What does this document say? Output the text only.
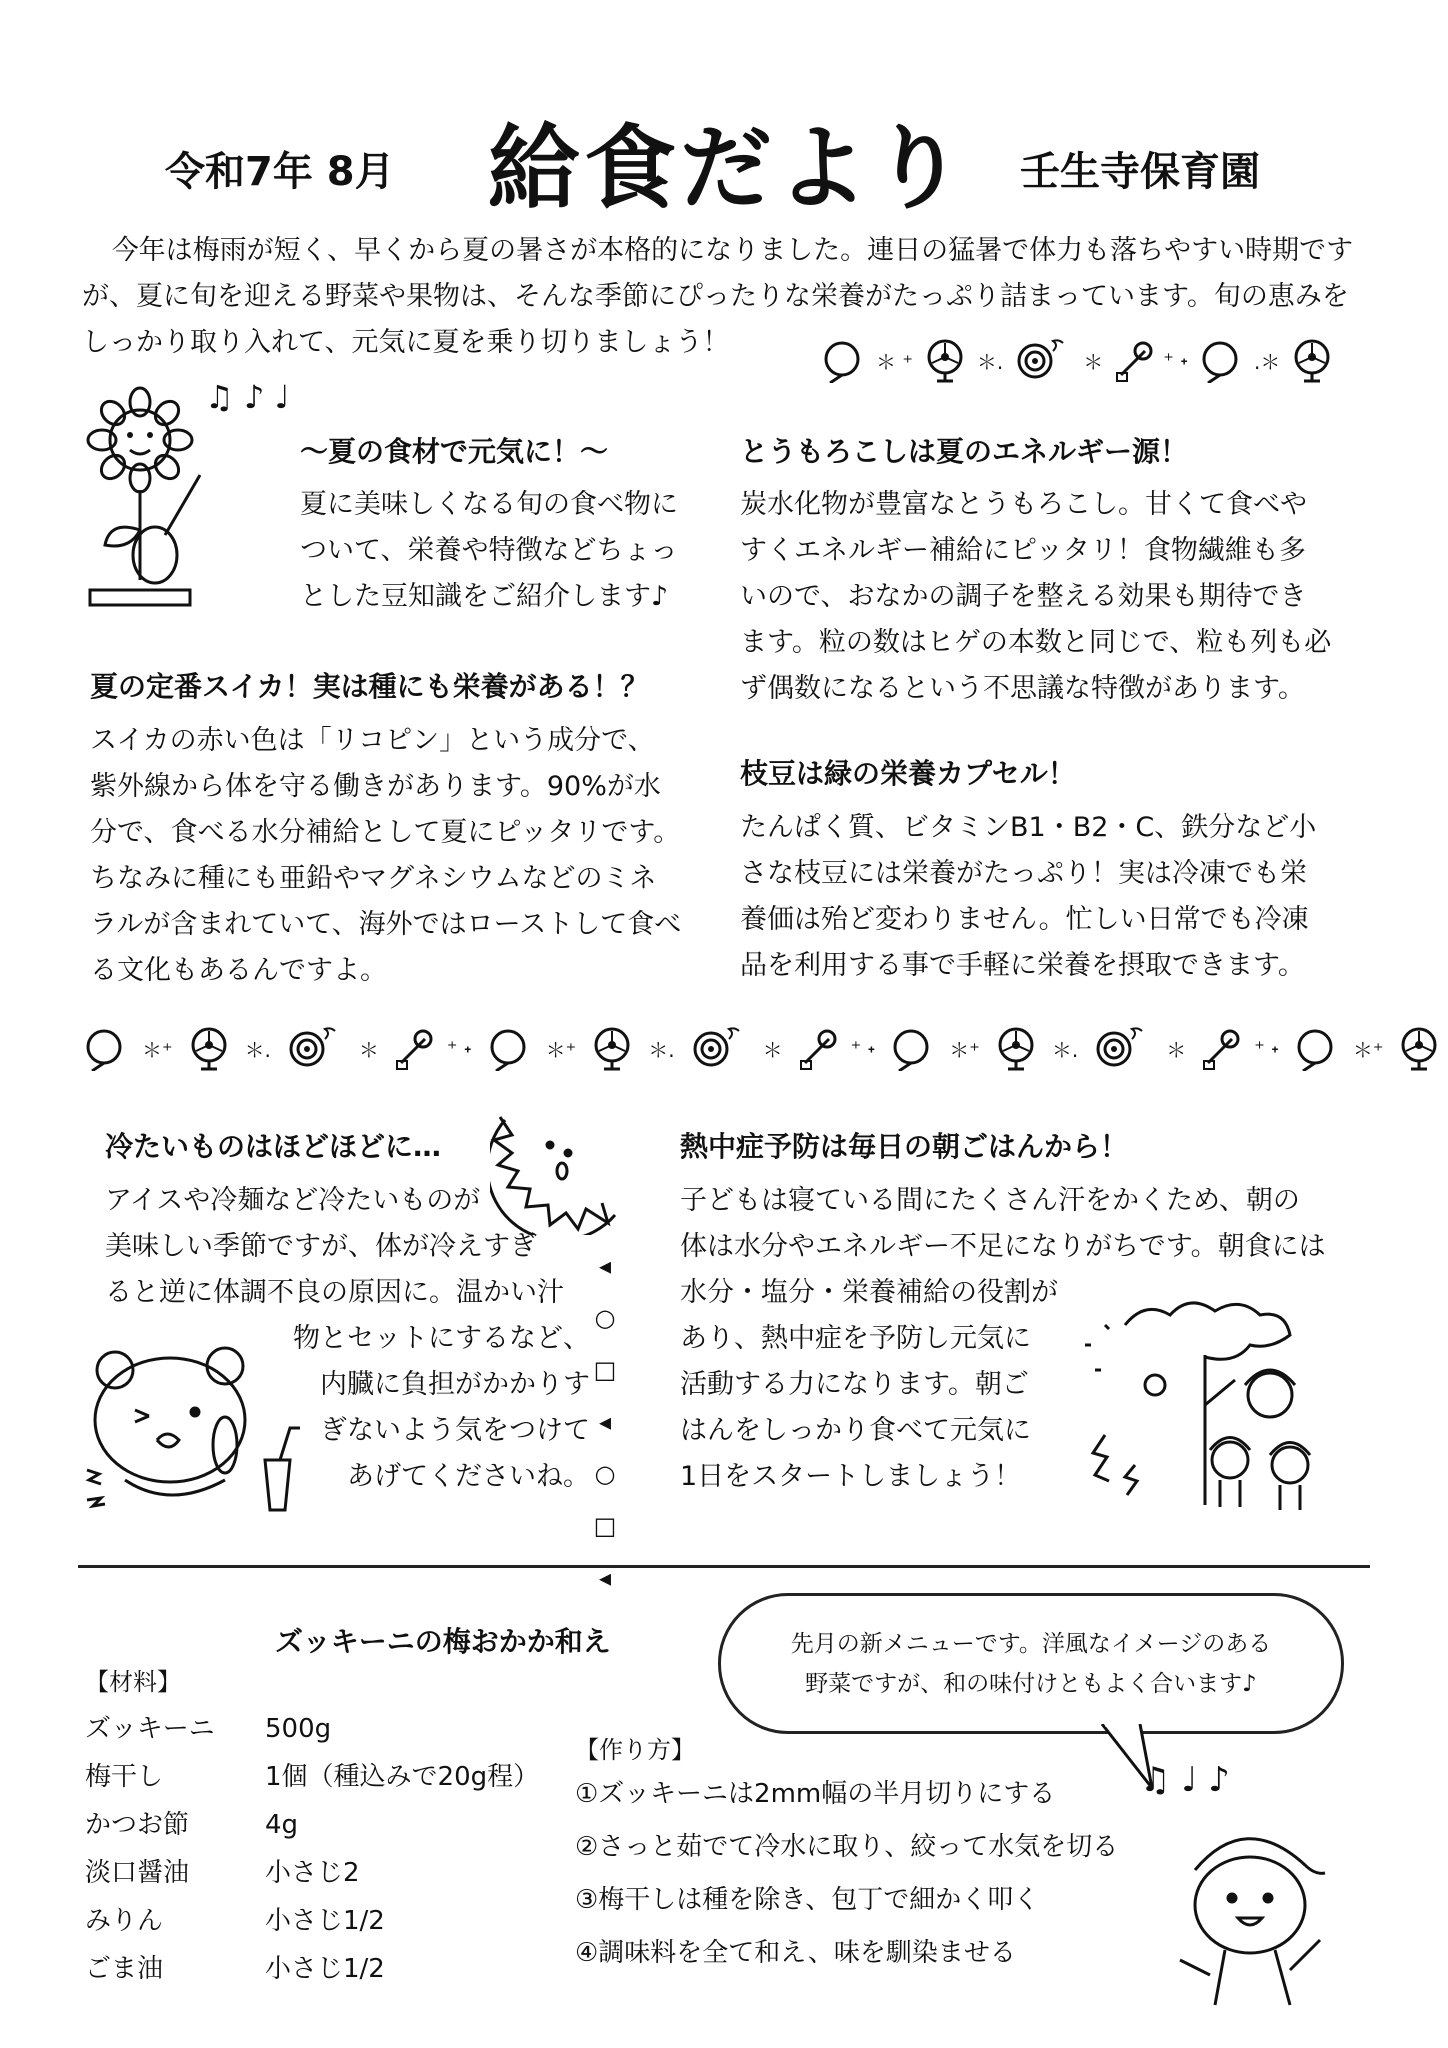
令和7年 8月 給食だより 壬生寺保育園
今年は梅雨が短く、早くから夏の暑さが本格的になりました。連日の猛暑で体力も落ちやすい時期ですが、夏に旬を迎える野菜や果物は、そんな季節にぴったりな栄養がたっぷり詰まっています。旬の恵みをしっかり取り入れて、元気に夏を乗り切りましょう！
＊ ⁺	＊.	＊	⁺ ˖	.＊
♫ ♪ ♩
〜夏の食材で元気に！〜
夏に美味しくなる旬の食べ物に
ついて、栄養や特徴などちょっ
とした豆知識をご紹介します♪
とうもろこしは夏のエネルギー源！
炭水化物が豊富なとうもろこし。甘くて食べや
すくエネルギー補給にピッタリ！食物繊維も多
いので、おなかの調子を整える効果も期待でき
ます。粒の数はヒゲの本数と同じで、粒も列も必
ず偶数になるという不思議な特徴があります。
夏の定番スイカ！実は種にも栄養がある！？
スイカの赤い色は「リコピン」という成分で、
紫外線から体を守る働きがあります。90%が水
分で、食べる水分補給として夏にピッタリです。
ちなみに種にも亜鉛やマグネシウムなどのミネ
ラルが含まれていて、海外ではローストして食べ
る文化もあるんですよ。
枝豆は緑の栄養カプセル！
たんぱく質、ビタミンB1・B2・C、鉄分など小
さな枝豆には栄養がたっぷり！実は冷凍でも栄
養価は殆ど変わりません。忙しい日常でも冷凍
品を利用する事で手軽に栄養を摂取できます。
＊⁺	＊.	＊	⁺ ˖	＊⁺	＊.	＊	⁺ ˖	＊⁺	＊.	＊	⁺ ˖	＊⁺
冷たいものはほどほどに…
アイスや冷麺など冷たいものが
美味しい季節ですが、体が冷えすぎ
ると逆に体調不良の原因に。温かい汁
物とセットにするなど、
内臓に負担がかかりす
ぎないよう気をつけて
あげてくださいね。
◂
○
□
◂
○
□
◂
熱中症予防は毎日の朝ごはんから！
子どもは寝ている間にたくさん汗をかくため、朝の
体は水分やエネルギー不足になりがちです。朝食には
水分・塩分・栄養補給の役割が
あり、熱中症を予防し元気に
活動する力になります。朝ご
はんをしっかり食べて元気に
1日をスタートしましょう！
ズッキーニの梅おかか和え
【材料】
ズッキーニ	500g
梅干し	1個（種込みで20g程）
かつお節	4g
淡口醤油	小さじ2
みりん	小さじ1/2
ごま油	小さじ1/2
先月の新メニューです。洋風なイメージのある
野菜ですが、和の味付けともよく合います♪
【作り方】
①ズッキーニは2mm幅の半月切りにする
②さっと茹でて冷水に取り、絞って水気を切る
③梅干しは種を除き、包丁で細かく叩く
④調味料を全て和え、味を馴染ませる
♫ ♩ ♪
